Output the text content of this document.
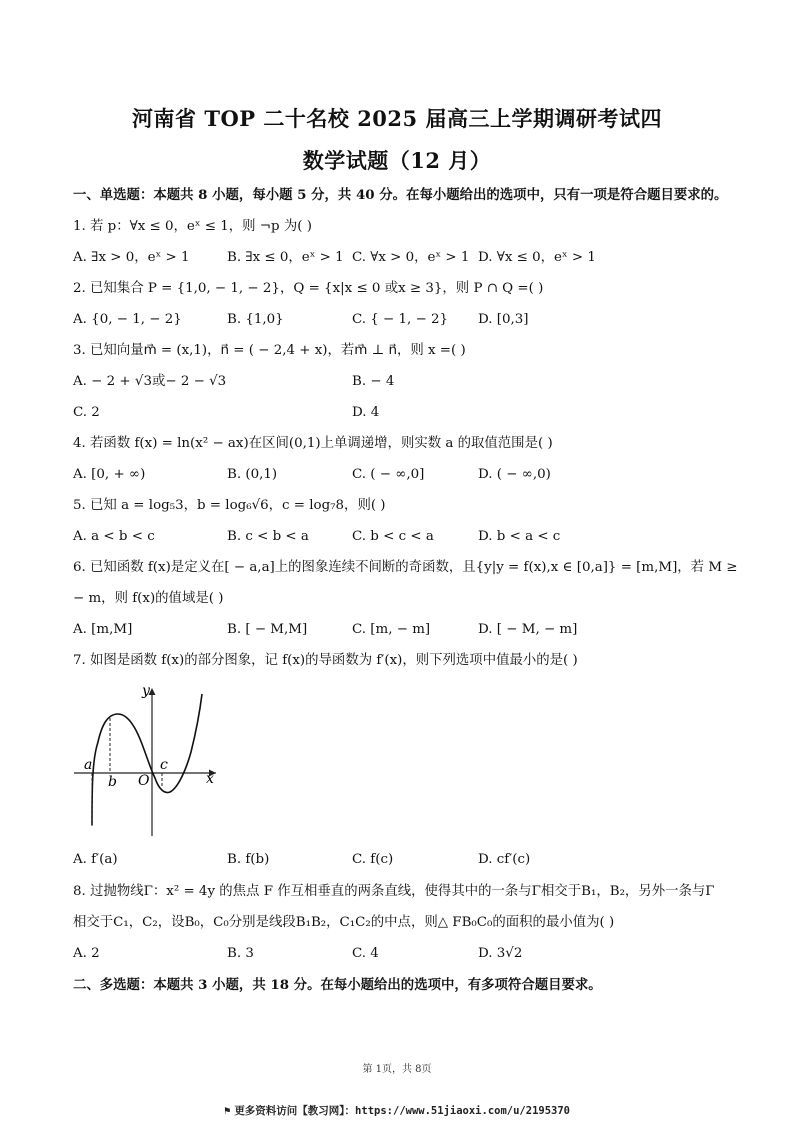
河南省 TOP 二十名校 2025 届高三上学期调研考试四
数学试题（12 月）
一、单选题：本题共 8 小题，每小题 5 分，共 40 分。在每小题给出的选项中，只有一项是符合题目要求的。
1. 若 p：∀x ≤ 0，eˣ ≤ 1，则 ¬p 为( )
A. ∃x > 0，eˣ > 1	B. ∃x ≤ 0，eˣ > 1 C. ∀x > 0，eˣ > 1 D. ∀x ≤ 0，eˣ > 1
2. 已知集合 P = {1,0, − 1, − 2}，Q = {x|x ≤ 0 或x ≥ 3}，则 P ∩ Q =( )
A. {0, − 1, − 2}	B. {1,0}	C. { − 1, − 2} D. [0,3]
3. 已知向量m⃗ = (x,1)，n⃗ = ( − 2,4 + x)，若m⃗ ⊥ n⃗，则 x =( )
A. − 2 + √3或− 2 − √3	B. − 4
C. 2	D. 4
4. 若函数 f(x) = ln(x² − ax)在区间(0,1)上单调递增，则实数 a 的取值范围是( )
A. [0, + ∞)	B. (0,1)	C. ( − ∞,0]	D. ( − ∞,0)
5. 已知 a = log₅3，b = log₆√6，c = log₇8，则( )
A. a < b < c	B. c < b < a	C. b < c < a	D. b < a < c
6. 已知函数 f(x)是定义在[ − a,a]上的图象连续不间断的奇函数，且{y|y = f(x),x ∈ [0,a]} = [m,M]，若 M ≥
− m，则 f(x)的值域是( )
A. [m,M]	B. [ − M,M]	C. [m, − m]	D. [ − M, − m]
7. 如图是函数 f(x)的部分图象，记 f(x)的导函数为 f′(x)，则下列选项中值最小的是( )
y
x
a
b O
c
A. f′(a)	B. f(b)	C. f(c)	D. cf′(c)
8. 过抛物线Γ：x² = 4y 的焦点 F 作互相垂直的两条直线，使得其中的一条与Γ相交于B₁，B₂，另外一条与Γ
相交于C₁，C₂，设B₀，C₀分别是线段B₁B₂，C₁C₂的中点，则△ FB₀C₀的面积的最小值为( )
A. 2	B. 3	C. 4	D. 3√2
二、多选题：本题共 3 小题，共 18 分。在每小题给出的选项中，有多项符合题目要求。
第 1页，共 8页
⚑ 更多资料访问【教习网】：https://www.51jiaoxi.com/u/2195370
